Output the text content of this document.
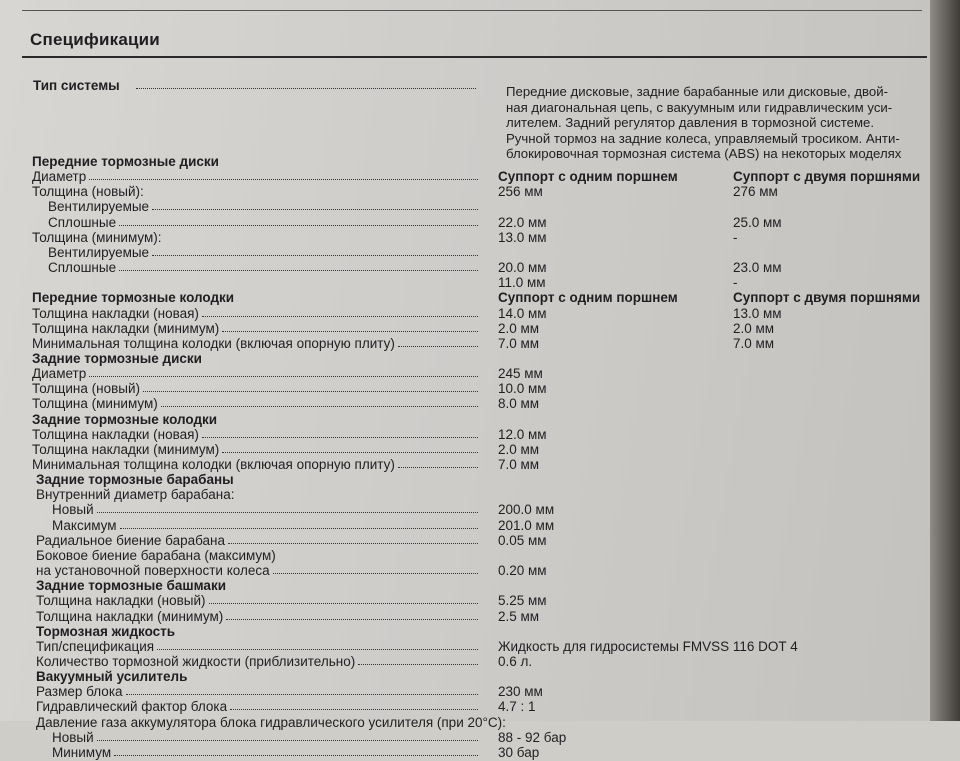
Спецификации
Тип системы	Передние дисковые, задние барабанные или дисковые, двой-
ная диагональная цепь, с вакуумным или гидравлическим уси-
лителем. Задний регулятор давления в тормозной системе.
Ручной тормоз на задние колеса, управляемый тросиком. Анти-
блокировочная тормозная система (ABS) на некоторых моделях
Передние тормозные диски
Диаметр	Суппорт с одним поршнем	Суппорт с двумя поршнями
Толщина (новый):	256 мм	276 мм
Вентилируемые
Сплошные	22.0 мм	25.0 мм
Толщина (минимум):	13.0 мм	-
Вентилируемые
Сплошные	20.0 мм	23.0 мм
11.0 мм	-
Передние тормозные колодки	Суппорт с одним поршнем	Суппорт с двумя поршнями
Толщина накладки (новая)	14.0 мм	13.0 мм
Толщина накладки (минимум)	2.0 мм	2.0 мм
Минимальная толщина колодки (включая опорную плиту)	7.0 мм	7.0 мм
Задние тормозные диски
Диаметр	245 мм
Толщина (новый)	10.0 мм
Толщина (минимум)	8.0 мм
Задние тормозные колодки
Толщина накладки (новая)	12.0 мм
Толщина накладки (минимум)	2.0 мм
Минимальная толщина колодки (включая опорную плиту)	7.0 мм
Задние тормозные барабаны
Внутренний диаметр барабана:
Новый	200.0 мм
Максимум	201.0 мм
Радиальное биение барабана	0.05 мм
Боковое биение барабана (максимум)
на установочной поверхности колеса	0.20 мм
Задние тормозные башмаки
Толщина накладки (новый)	5.25 мм
Толщина накладки (минимум)	2.5 мм
Тормозная жидкость
Тип/спецификация	Жидкость для гидросистемы FMVSS 116 DOT 4
Количество тормозной жидкости (приблизительно)	0.6 л.
Вакуумный усилитель
Размер блока	230 мм
Гидравлический фактор блока	4.7 : 1
Давление газа аккумулятора блока гидравлического усилителя (при 20°C):
Новый	88 - 92 бар
Минимум	30 бар
